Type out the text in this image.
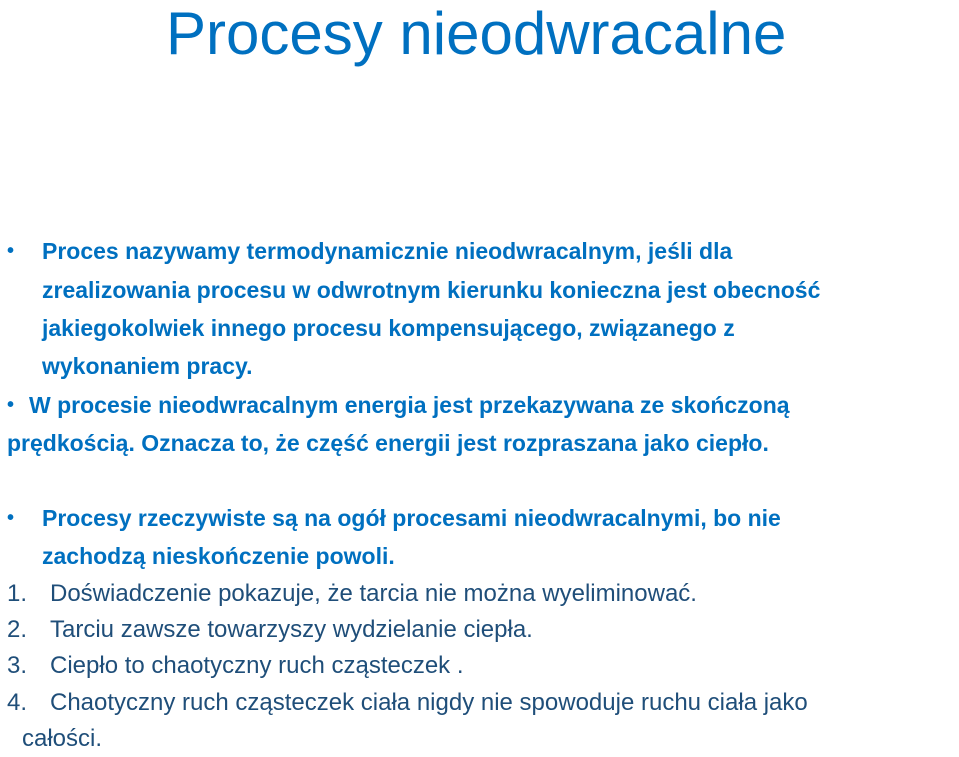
Procesy nieodwracalne
• Proces nazywamy termodynamicznie nieodwracalnym, jeśli dla
zrealizowania procesu w odwrotnym kierunku konieczna jest obecność
jakiegokolwiek innego procesu kompensującego, związanego z
wykonaniem pracy.
• W procesie nieodwracalnym energia jest przekazywana ze skończoną
prędkością. Oznacza to, że część energii jest rozpraszana jako ciepło.
• Procesy rzeczywiste są na ogół procesami nieodwracalnymi, bo nie
zachodzą nieskończenie powoli.
1. Doświadczenie pokazuje, że tarcia nie można wyeliminować.
2. Tarciu zawsze towarzyszy wydzielanie ciepła.
3. Ciepło to chaotyczny ruch cząsteczek .
4. Chaotyczny ruch cząsteczek ciała nigdy nie spowoduje ruchu ciała jako
całości.
